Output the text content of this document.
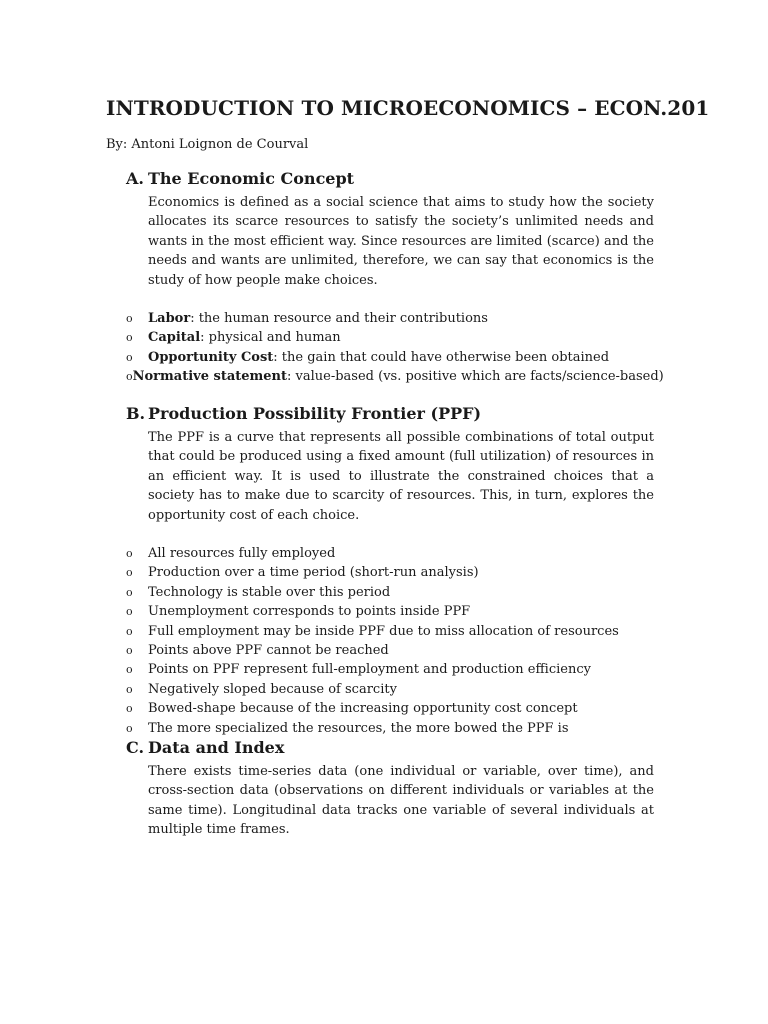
INTRODUCTION TO MICROECONOMICS – ECON.201

By: Antoni Loignon de Courval

A. The Economic Concept

Economics is defined as a social science that aims to study how the society allocates its scarce resources to satisfy the society’s unlimited needs and wants in the most efficient way. Since resources are limited (scarce) and the needs and wants are unlimited, therefore, we can say that economics is the study of how people make choices.

o	Labor: the human resource and their contributions
o	Capital: physical and human
o	Opportunity Cost: the gain that could have otherwise been obtained
o Normative statement: value-based (vs. positive which are facts/science-based)
B. Production Possibility Frontier (PPF)

The PPF is a curve that represents all possible combinations of total output that could be produced using a fixed amount (full utilization) of resources in an efficient way. It is used to illustrate the constrained choices that a society has to make due to scarcity of resources. This, in turn, explores the opportunity cost of each choice.

o	All resources fully employed
o	Production over a time period (short-run analysis)
o	Technology is stable over this period
o	Unemployment corresponds to points inside PPF
o	Full employment may be inside PPF due to miss allocation of resources
o	Points above PPF cannot be reached
o	Points on PPF represent full-employment and production efficiency
o	Negatively sloped because of scarcity
o	Bowed-shape because of the increasing opportunity cost concept
o	The more specialized the resources, the more bowed the PPF is
C. Data and Index

There exists time-series data (one individual or variable, over time), and cross-section data (observations on different individuals or variables at the same time). Longitudinal data tracks one variable of several individuals at multiple time frames.
